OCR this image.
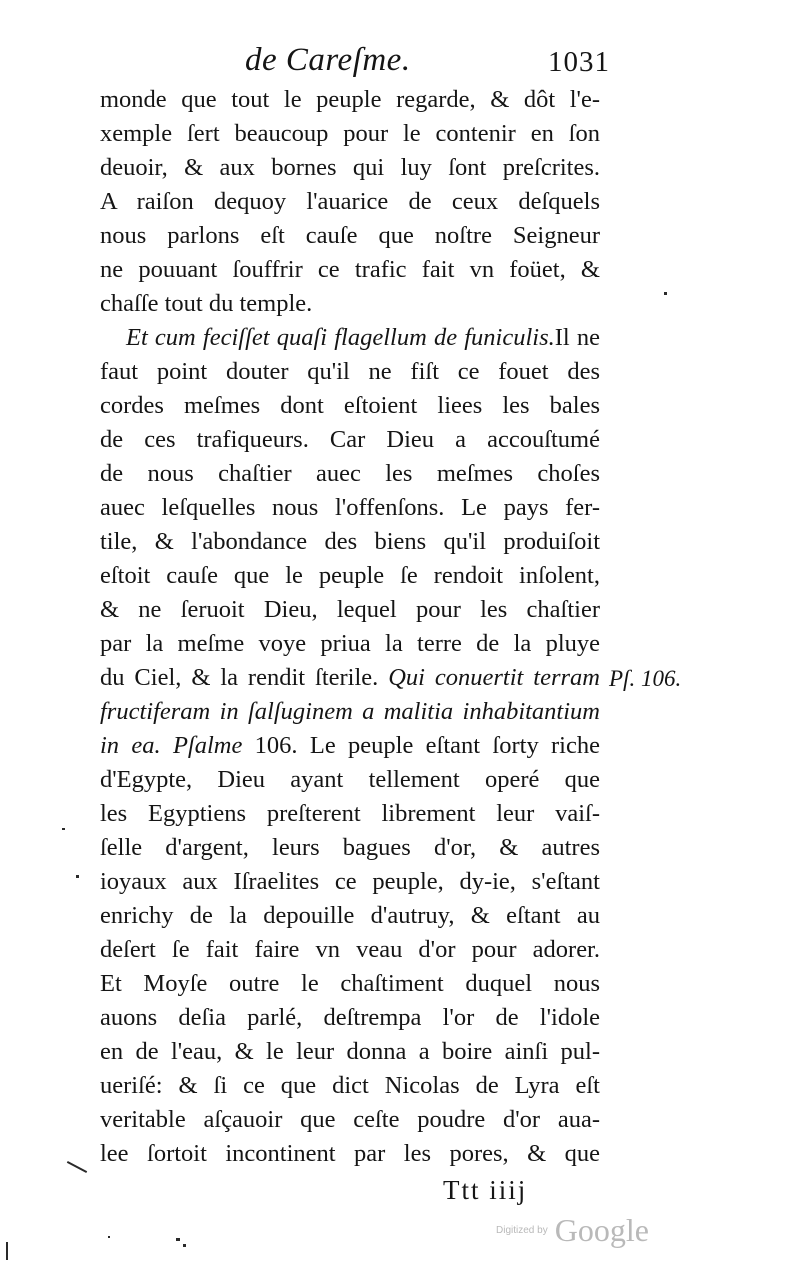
de Careſme.	1031
monde que tout le peuple regarde, & dôt l'e-
xemple ſert beaucoup pour le contenir en ſon
deuoir, & aux bornes qui luy ſont preſcrites.
A raiſon dequoy l'auarice de ceux deſquels
nous parlons eſt cauſe que noſtre Seigneur
ne pouuant ſouffrir ce trafic fait vn foüet, &
chaſſe tout du temple.
Et cum feciſſet quaſi flagellum de funiculis.Il ne
faut point douter qu'il ne fiſt ce fouet des
cordes meſmes dont eſtoient liees les bales
de ces trafiqueurs. Car Dieu a accouſtumé
de nous chaſtier auec les meſmes choſes
auec leſquelles nous l'offenſons. Le pays fer-
tile, & l'abondance des biens qu'il produiſoit
eſtoit cauſe que le peuple ſe rendoit inſolent,
& ne ſeruoit Dieu, lequel pour les chaſtier
par la meſme voye priua la terre de la pluye
du Ciel, & la rendit ſterile. Qui conuertit terram
fructiferam in ſalſuginem a malitia inhabitantium
in ea. Pſalme 106. Le peuple eſtant ſorty riche
d'Egypte, Dieu ayant tellement operé que
les Egyptiens preſterent librement leur vaiſ-
ſelle d'argent, leurs bagues d'or, & autres
ioyaux aux Iſraelites ce peuple, dy-ie, s'eſtant
enrichy de la depouille d'autruy, & eſtant au
deſert ſe fait faire vn veau d'or pour adorer.
Et Moyſe outre le chaſtiment duquel nous
auons deſia parlé, deſtrempa l'or de l'idole
en de l'eau, & le leur donna a boire ainſi pul-
ueriſé: & ſi ce que dict Nicolas de Lyra eſt
veritable aſçauoir que ceſte poudre d'or aua-
lee ſortoit incontinent par les pores, & que
Pſ. 106.
Ttt iiij
Digitized by Google
